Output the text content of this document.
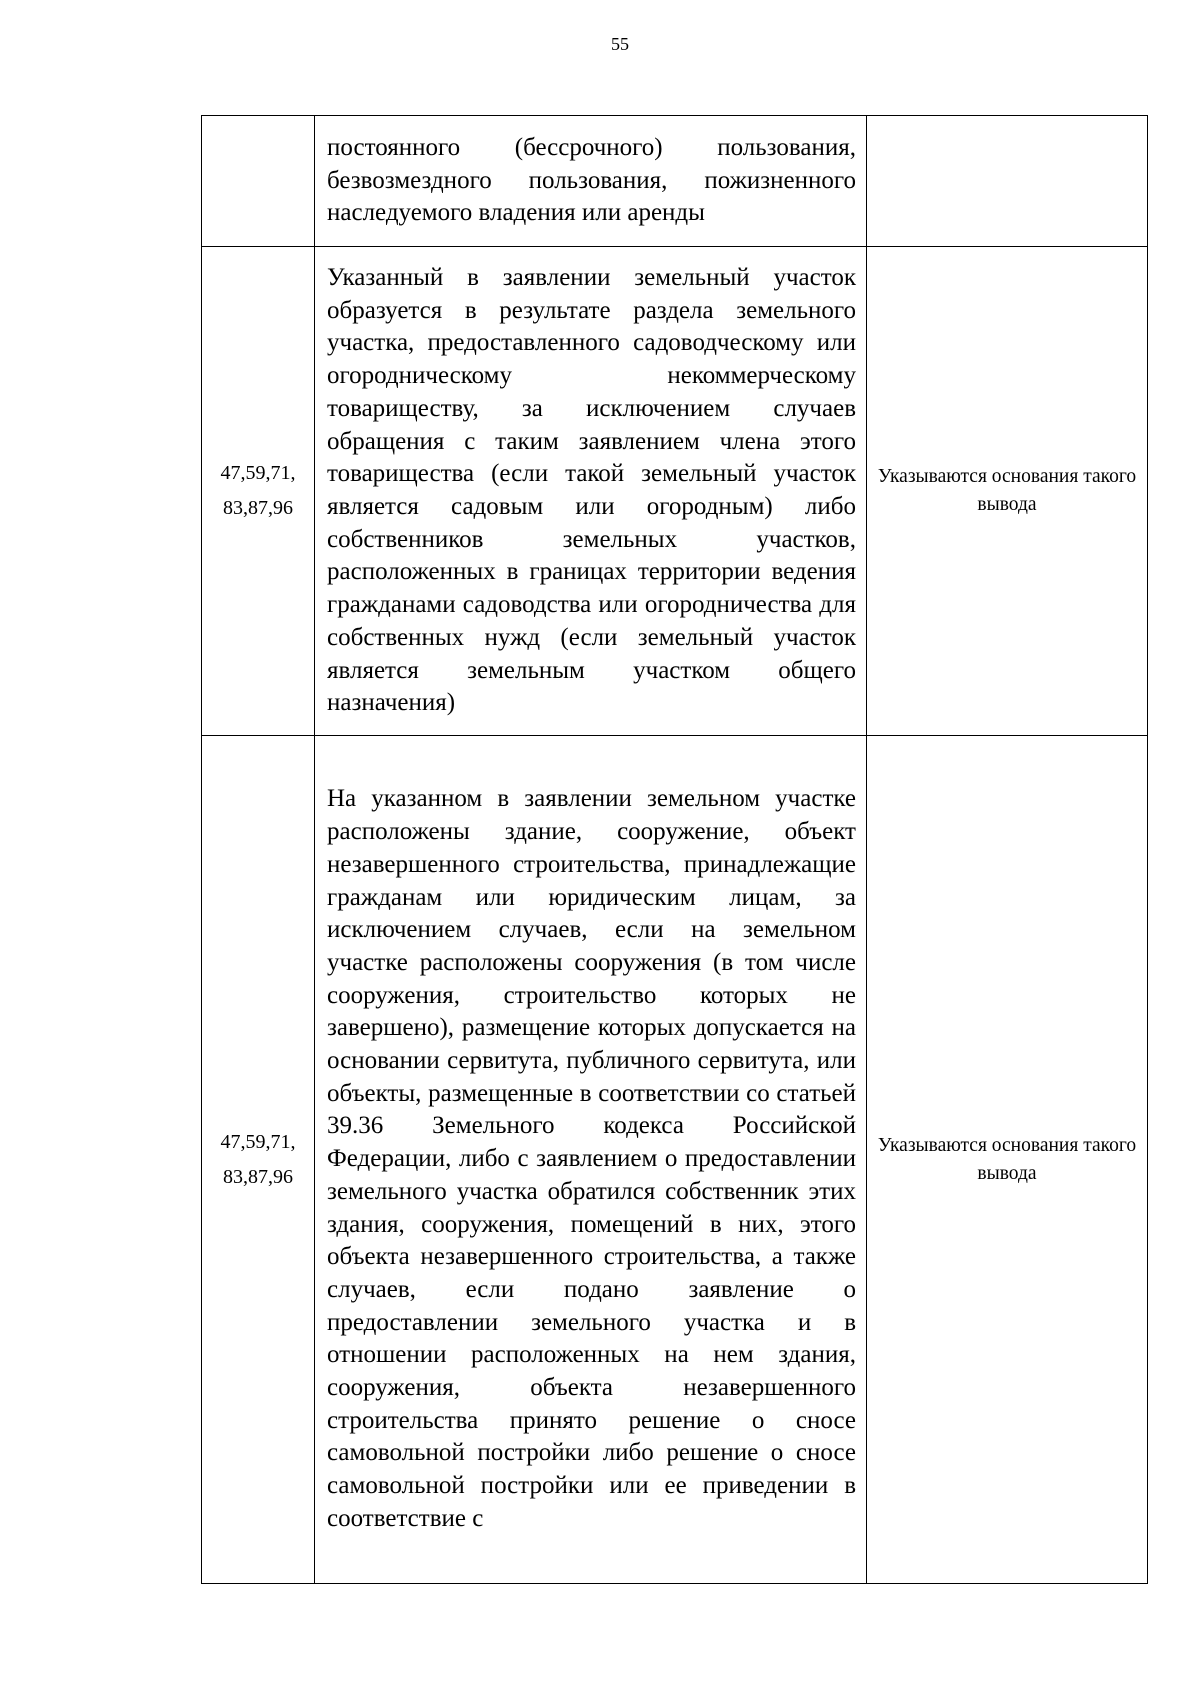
55
	постоянного (бессрочного) пользования, безвозмездного пользования, пожизненного наследуемого владения или аренды	
47,59,71, 83,87,96	Указанный в заявлении земельный участок образуется в результате раздела земельного участка, предоставленного садоводческому или огородническому некоммерческому товариществу, за исключением случаев обращения с таким заявлением члена этого товарищества (если такой земельный участок является садовым или огородным) либо собственников земельных участков, расположенных в границах территории ведения гражданами садоводства или огородничества для собственных нужд (если земельный участок является земельным участком общего назначения)	Указываются основания такого вывода
47,59,71, 83,87,96	На указанном в заявлении земельном участке расположены здание, сооружение, объект незавершенного строительства, принадлежащие гражданам или юридическим лицам, за исключением случаев, если на земельном участке расположены сооружения (в том числе сооружения, строительство которых не завершено), размещение которых допускается на основании сервитута, публичного сервитута, или объекты, размещенные в соответствии со статьей 39.36 Земельного кодекса Российской Федерации, либо с заявлением о предоставлении земельного участка обратился собственник этих здания, сооружения, помещений в них, этого объекта незавершенного строительства, а также случаев, если подано заявление о предоставлении земельного участка и в отношении расположенных на нем здания, сооружения, объекта незавершенного строительства принято решение о сносе самовольной постройки либо решение о сносе самовольной постройки или ее приведении в соответствие с	Указываются основания такого вывода
